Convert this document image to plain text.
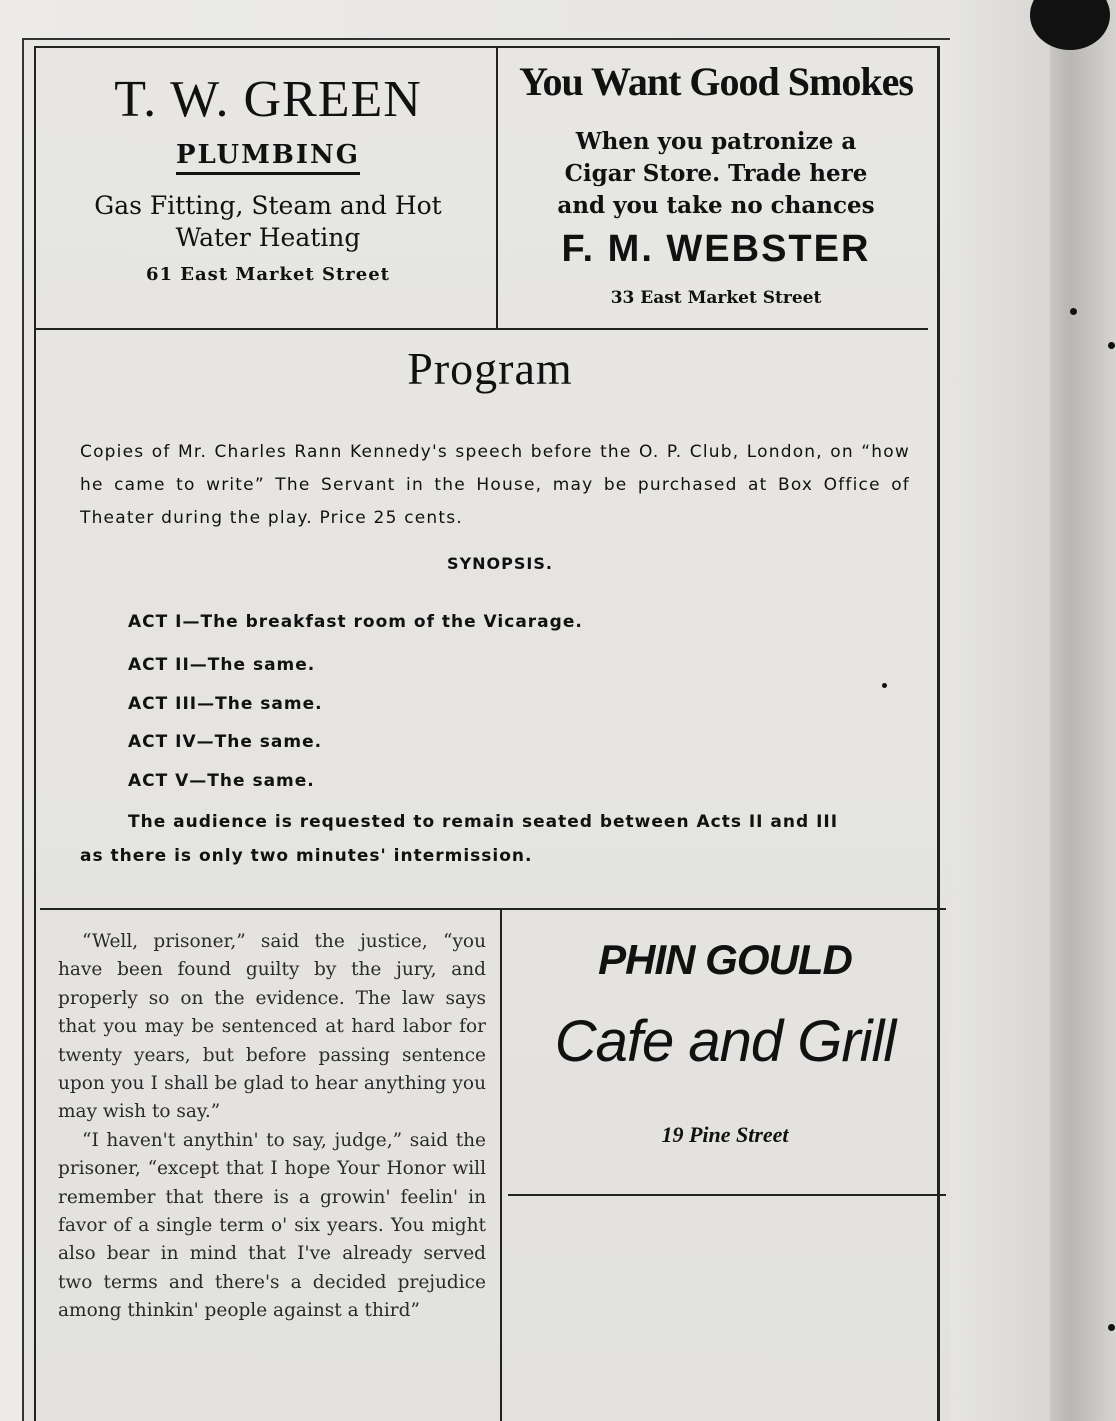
T. W. GREEN
PLUMBING
Gas Fitting, Steam and Hot
Water Heating
61 East Market Street
You Want Good Smokes
When you patronize a
Cigar Store. Trade here
and you take no chances
F. M. WEBSTER
33 East Market Street
Program
Copies of Mr. Charles Rann Kennedy's speech before the O. P. Club, London, on “how he came to write” The Servant in the House, may be purchased at Box Office of Theater during the play. Price 25 cents.
SYNOPSIS.
ACT I—The breakfast room of the Vicarage.
ACT II—The same.
ACT III—The same.
ACT IV—The same.
ACT V—The same.
The audience is requested to remain seated between Acts II and III
as there is only two minutes' intermission.

“Well, prisoner,” said the justice, “you have been found guilty by the jury, and properly so on the evidence. The law says that you may be sentenced at hard labor for twenty years, but before passing sentence upon you I shall be glad to hear anything you may wish to say.”

“I haven't anythin' to say, judge,” said the prisoner, “except that I hope Your Honor will remember that there is a growin' feelin' in favor of a single term o' six years. You might also bear in mind that I've already served two terms and there's a decided prejudice among thinkin' people against a third”

PHIN GOULD
Cafe and Grill
19 Pine Street
